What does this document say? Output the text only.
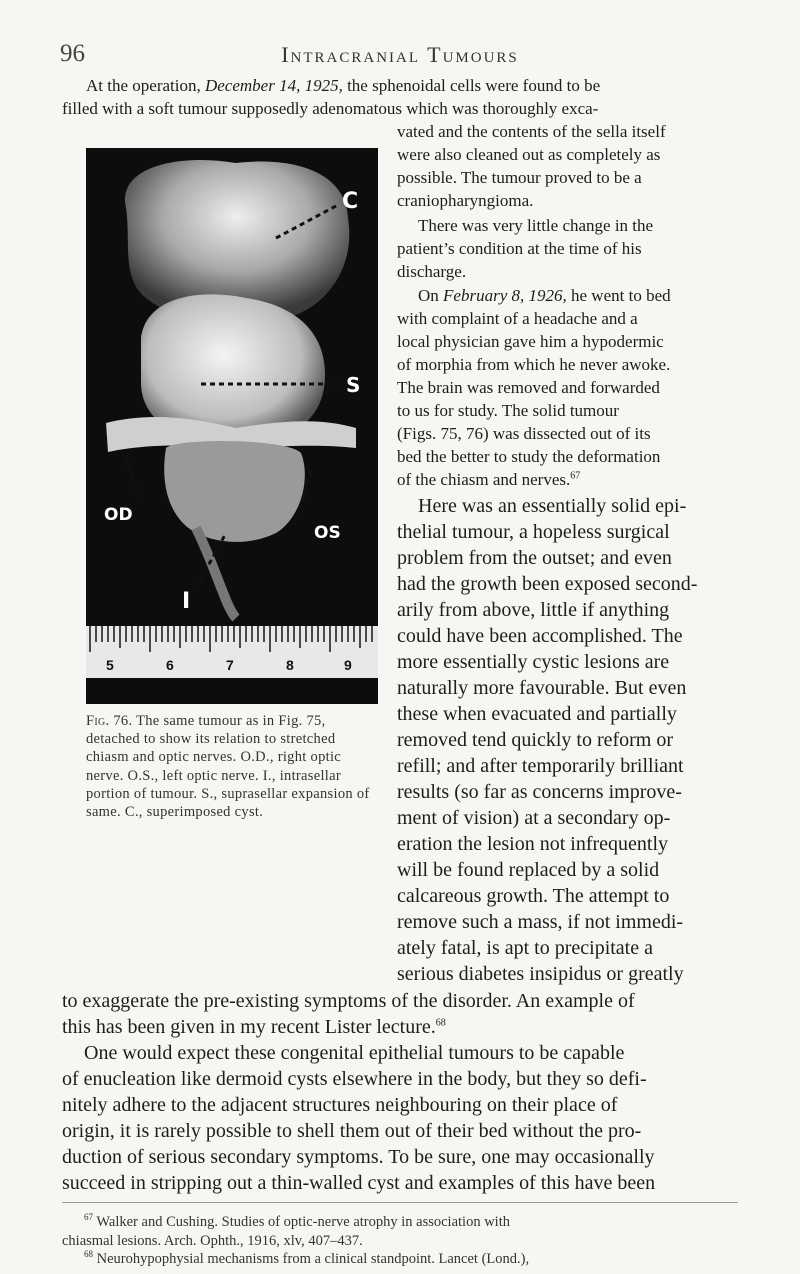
96	Intracranial Tumours
At the operation, December 14, 1925, the sphenoidal cells were found to be
filled with a soft tumour supposedly adenomatous which was thoroughly exca-
5	6	7	8	9
C
S
OD
OS
I
vated and the contents of the sella itself
were also cleaned out as completely as
possible. The tumour proved to be a
craniopharyngioma.
There was very little change in the
patient’s condition at the time of his
discharge.
On February 8, 1926, he went to bed
with complaint of a headache and a
local physician gave him a hypodermic
of morphia from which he never awoke.
The brain was removed and forwarded
to us for study. The solid tumour
(Figs. 75, 76) was dissected out of its
bed the better to study the deformation
of the chiasm and nerves.$^{67}$
Here was an essentially solid epi-
thelial tumour, a hopeless surgical
problem from the outset; and even
had the growth been exposed second-
arily from above, little if anything
could have been accomplished. The
more essentially cystic lesions are
naturally more favourable. But even
these when evacuated and partially
removed tend quickly to reform or
refill; and after temporarily brilliant
results (so far as concerns improve-
ment of vision) at a secondary op-
eration the lesion not infrequently
will be found replaced by a solid
calcareous growth. The attempt to
remove such a mass, if not immedi-
ately fatal, is apt to precipitate a
serious diabetes insipidus or greatly
Fig. 76. The same tumour as in Fig. 75, detached to show its relation to stretched chiasm and optic nerves. O.D., right optic nerve. O.S., left optic nerve. I., intrasellar portion of tumour. S., suprasellar expansion of same. C., superimposed cyst.
to exaggerate the pre-existing symptoms of the disorder. An example of
this has been given in my recent Lister lecture.$^{68}$
One would expect these congenital epithelial tumours to be capable
of enucleation like dermoid cysts elsewhere in the body, but they so defi-
nitely adhere to the adjacent structures neighbouring on their place of
origin, it is rarely possible to shell them out of their bed without the pro-
duction of serious secondary symptoms. To be sure, one may occasionally
succeed in stripping out a thin-walled cyst and examples of this have been
$^{67}$ Walker and Cushing. Studies of optic-nerve atrophy in association with
chiasmal lesions. Arch. Ophth., 1916, xlv, 407–437.
$^{68}$ Neurohypophysial mechanisms from a clinical standpoint. Lancet (Lond.),
